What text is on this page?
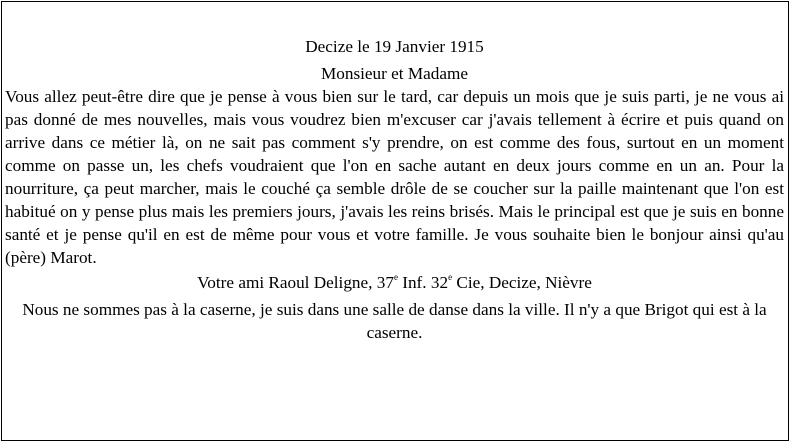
Decize le 19 Janvier 1915

Monsieur et Madame

Vous allez peut-être dire que je pense à vous bien sur le tard, car depuis un mois que je suis parti, je ne vous ai pas donné de mes nouvelles, mais vous voudrez bien m'excuser car j'avais tellement à écrire et puis quand on arrive dans ce métier là, on ne sait pas comment s'y prendre, on est comme des fous, surtout en un moment comme on passe un, les chefs voudraient que l'on en sache autant en deux jours comme en un an. Pour la nourriture, ça peut marcher, mais le couché ça semble drôle de se coucher sur la paille maintenant que l'on est habitué on y pense plus mais les premiers jours, j'avais les reins brisés. Mais le principal est que je suis en bonne santé et je pense qu'il en est de même pour vous et votre famille. Je vous souhaite bien le bonjour ainsi qu'au (père) Marot.

Votre ami Raoul Deligne, 37e Inf. 32e Cie, Decize, Nièvre

Nous ne sommes pas à la caserne, je suis dans une salle de danse dans la ville. Il n'y a que Brigot qui est à la caserne.
